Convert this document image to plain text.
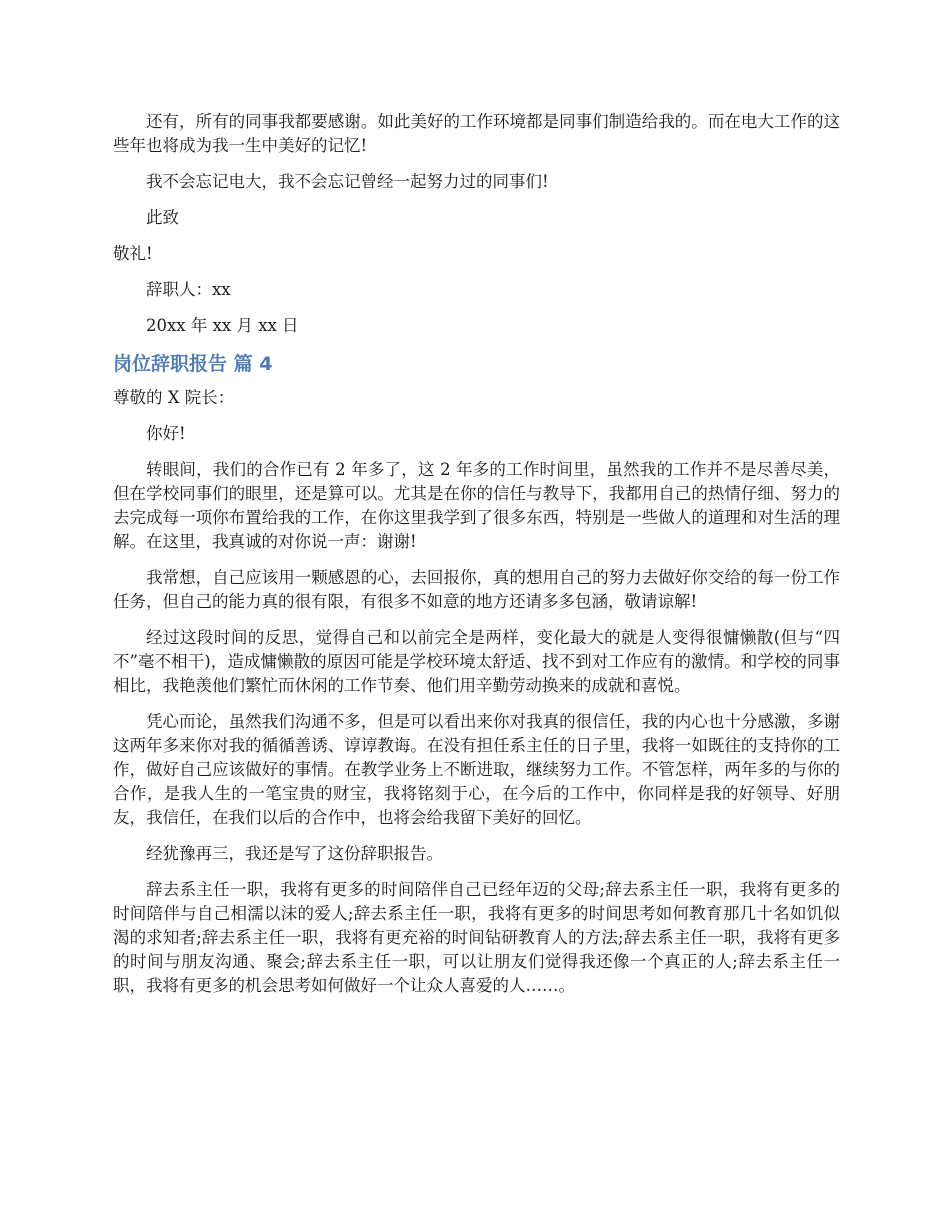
还有，所有的同事我都要感谢。如此美好的工作环境都是同事们制造给我的。而在电大工作的这些年也将成为我一生中美好的记忆!

我不会忘记电大，我不会忘记曾经一起努力过的同事们!

此致

敬礼!

辞职人：xx

20xx 年 xx 月 xx 日

岗位辞职报告 篇 4

尊敬的 X 院长：

你好!

转眼间，我们的合作已有 2 年多了，这 2 年多的工作时间里，虽然我的工作并不是尽善尽美，但在学校同事们的眼里，还是算可以。尤其是在你的信任与教导下，我都用自己的热情仔细、努力的去完成每一项你布置给我的工作，在你这里我学到了很多东西，特别是一些做人的道理和对生活的理解。在这里，我真诚的对你说一声：谢谢!

我常想，自己应该用一颗感恩的心，去回报你，真的想用自己的努力去做好你交给的每一份工作任务，但自己的能力真的很有限，有很多不如意的地方还请多多包涵，敬请谅解!

经过这段时间的反思，觉得自己和以前完全是两样，变化最大的就是人变得很慵懒散(但与“四不”毫不相干)，造成慵懒散的原因可能是学校环境太舒适、找不到对工作应有的激情。和学校的同事相比，我艳羡他们繁忙而休闲的工作节奏、他们用辛勤劳动换来的成就和喜悦。

凭心而论，虽然我们沟通不多，但是可以看出来你对我真的很信任，我的内心也十分感激，多谢这两年多来你对我的循循善诱、谆谆教诲。在没有担任系主任的日子里，我将一如既往的支持你的工作，做好自己应该做好的事情。在教学业务上不断进取，继续努力工作。不管怎样，两年多的与你的合作，是我人生的一笔宝贵的财宝，我将铭刻于心，在今后的工作中，你同样是我的好领导、好朋友，我信任，在我们以后的合作中，也将会给我留下美好的回忆。

经犹豫再三，我还是写了这份辞职报告。

辞去系主任一职，我将有更多的时间陪伴自己已经年迈的父母;辞去系主任一职，我将有更多的时间陪伴与自己相濡以沫的爱人;辞去系主任一职，我将有更多的时间思考如何教育那几十名如饥似渴的求知者;辞去系主任一职，我将有更充裕的时间钻研教育人的方法;辞去系主任一职，我将有更多的时间与朋友沟通、聚会;辞去系主任一职，可以让朋友们觉得我还像一个真正的人;辞去系主任一职，我将有更多的机会思考如何做好一个让众人喜爱的人……。
